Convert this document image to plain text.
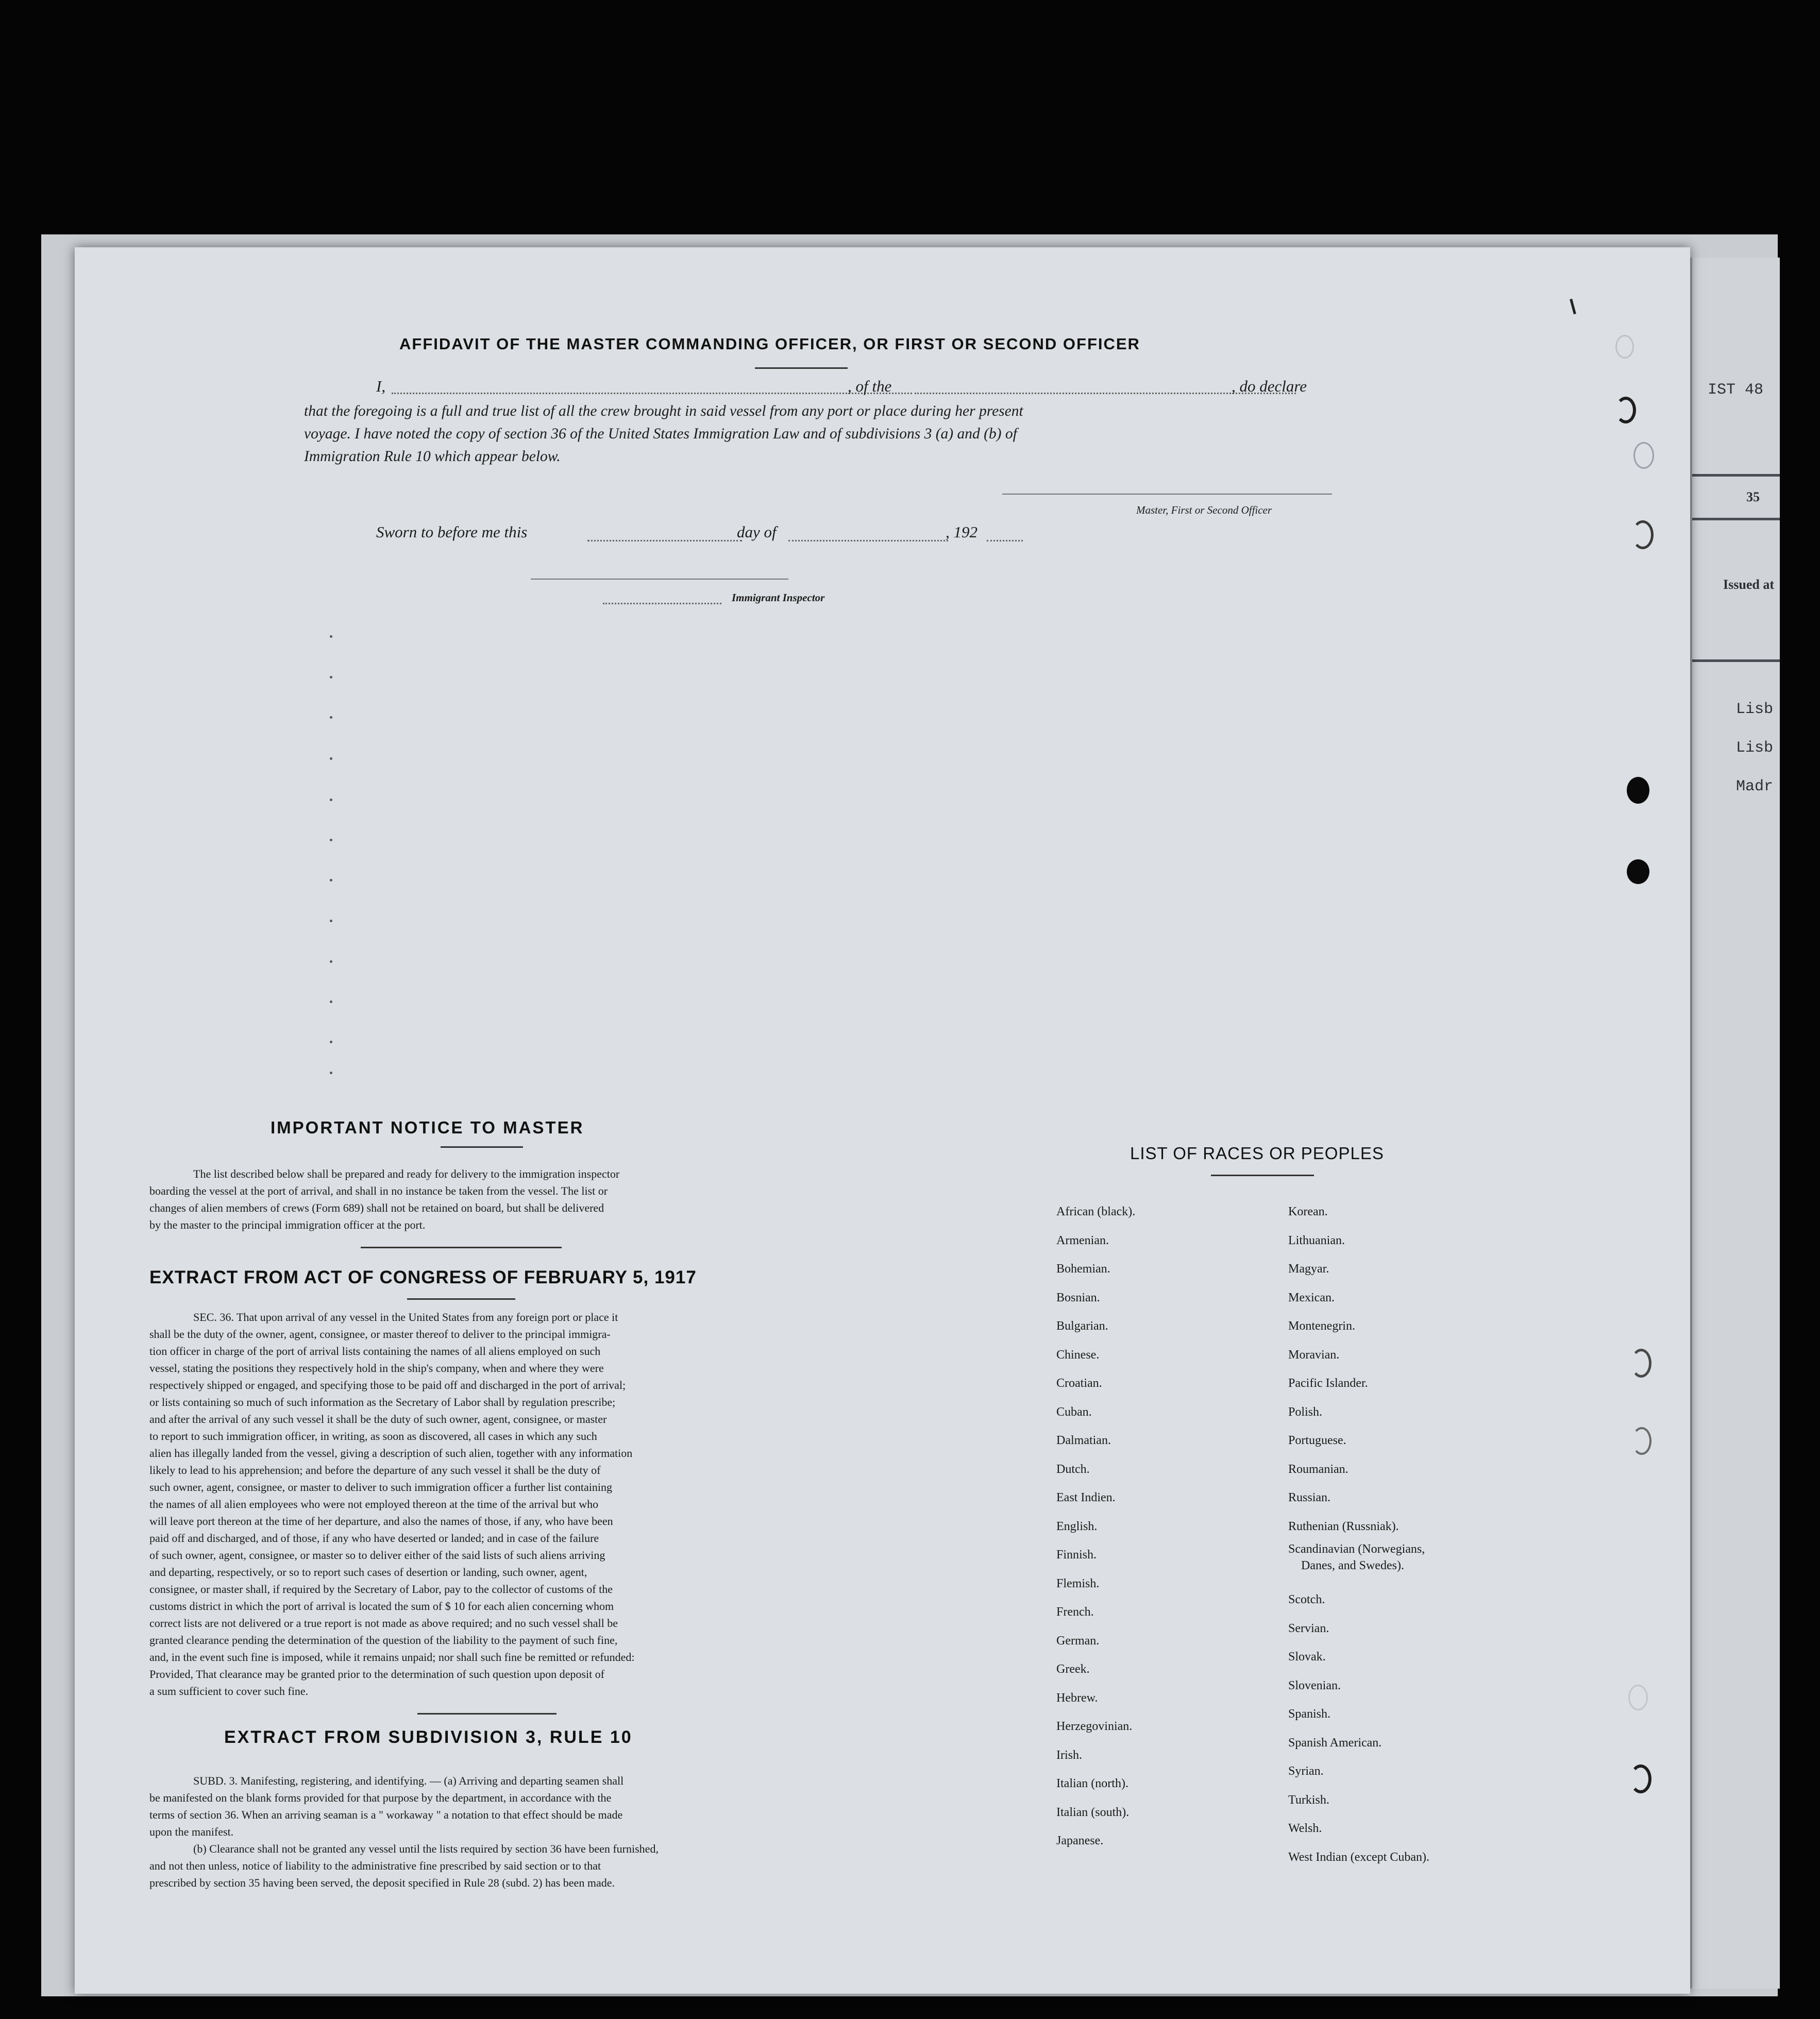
IST 48
35
Issued at
Lisb
Lisb
Madr
AFFIDAVIT OF THE MASTER COMMANDING OFFICER, OR FIRST OR SECOND OFFICER
I,	, of the	, do declare
that the foregoing is a full and true list of all the crew brought in said vessel from any port or place during her present
voyage. I have noted the copy of section 36 of the United States Immigration Law and of subdivisions 3 (a) and (b) of
Immigration Rule 10 which appear below.
Master, First or Second Officer
Sworn to before me this	day of	, 192
Immigrant Inspector
IMPORTANT NOTICE TO MASTER
The list described below shall be prepared and ready for delivery to the immigration inspector
boarding the vessel at the port of arrival, and shall in no instance be taken from the vessel. The list or
changes of alien members of crews (Form 689) shall not be retained on board, but shall be delivered
by the master to the principal immigration officer at the port.
EXTRACT FROM ACT OF CONGRESS OF FEBRUARY 5, 1917
SEC. 36. That upon arrival of any vessel in the United States from any foreign port or place it
shall be the duty of the owner, agent, consignee, or master thereof to deliver to the principal immigra-
tion officer in charge of the port of arrival lists containing the names of all aliens employed on such
vessel, stating the positions they respectively hold in the ship's company, when and where they were
respectively shipped or engaged, and specifying those to be paid off and discharged in the port of arrival;
or lists containing so much of such information as the Secretary of Labor shall by regulation prescribe;
and after the arrival of any such vessel it shall be the duty of such owner, agent, consignee, or master
to report to such immigration officer, in writing, as soon as discovered, all cases in which any such
alien has illegally landed from the vessel, giving a description of such alien, together with any information
likely to lead to his apprehension; and before the departure of any such vessel it shall be the duty of
such owner, agent, consignee, or master to deliver to such immigration officer a further list containing
the names of all alien employees who were not employed thereon at the time of the arrival but who
will leave port thereon at the time of her departure, and also the names of those, if any, who have been
paid off and discharged, and of those, if any who have deserted or landed; and in case of the failure
of such owner, agent, consignee, or master so to deliver either of the said lists of such aliens arriving
and departing, respectively, or so to report such cases of desertion or landing, such owner, agent,
consignee, or master shall, if required by the Secretary of Labor, pay to the collector of customs of the
customs district in which the port of arrival is located the sum of $ 10 for each alien concerning whom
correct lists are not delivered or a true report is not made as above required; and no such vessel shall be
granted clearance pending the determination of the question of the liability to the payment of such fine,
and, in the event such fine is imposed, while it remains unpaid; nor shall such fine be remitted or refunded:
Provided, That clearance may be granted prior to the determination of such question upon deposit of
a sum sufficient to cover such fine.
EXTRACT FROM SUBDIVISION 3, RULE 10
SUBD. 3. Manifesting, registering, and identifying. — (a) Arriving and departing seamen shall
be manifested on the blank forms provided for that purpose by the department, in accordance with the
terms of section 36. When an arriving seaman is a " workaway " a notation to that effect should be made
upon the manifest.
(b) Clearance shall not be granted any vessel until the lists required by section 36 have been furnished,
and not then unless, notice of liability to the administrative fine prescribed by said section or to that
prescribed by section 35 having been served, the deposit specified in Rule 28 (subd. 2) has been made.
LIST OF RACES OR PEOPLES
African (black).
Armenian.
Bohemian.
Bosnian.
Bulgarian.
Chinese.
Croatian.
Cuban.
Dalmatian.
Dutch.
East Indien.
English.
Finnish.
Flemish.
French.
German.
Greek.
Hebrew.
Herzegovinian.
Irish.
Italian (north).
Italian (south).
Japanese.
Korean.
Lithuanian.
Magyar.
Mexican.
Montenegrin.
Moravian.
Pacific Islander.
Polish.
Portuguese.
Roumanian.
Russian.
Ruthenian (Russniak).
Scandinavian (Norwegians,
Danes, and Swedes).
Scotch.
Servian.
Slovak.
Slovenian.
Spanish.
Spanish American.
Syrian.
Turkish.
Welsh.
West Indian (except Cuban).
